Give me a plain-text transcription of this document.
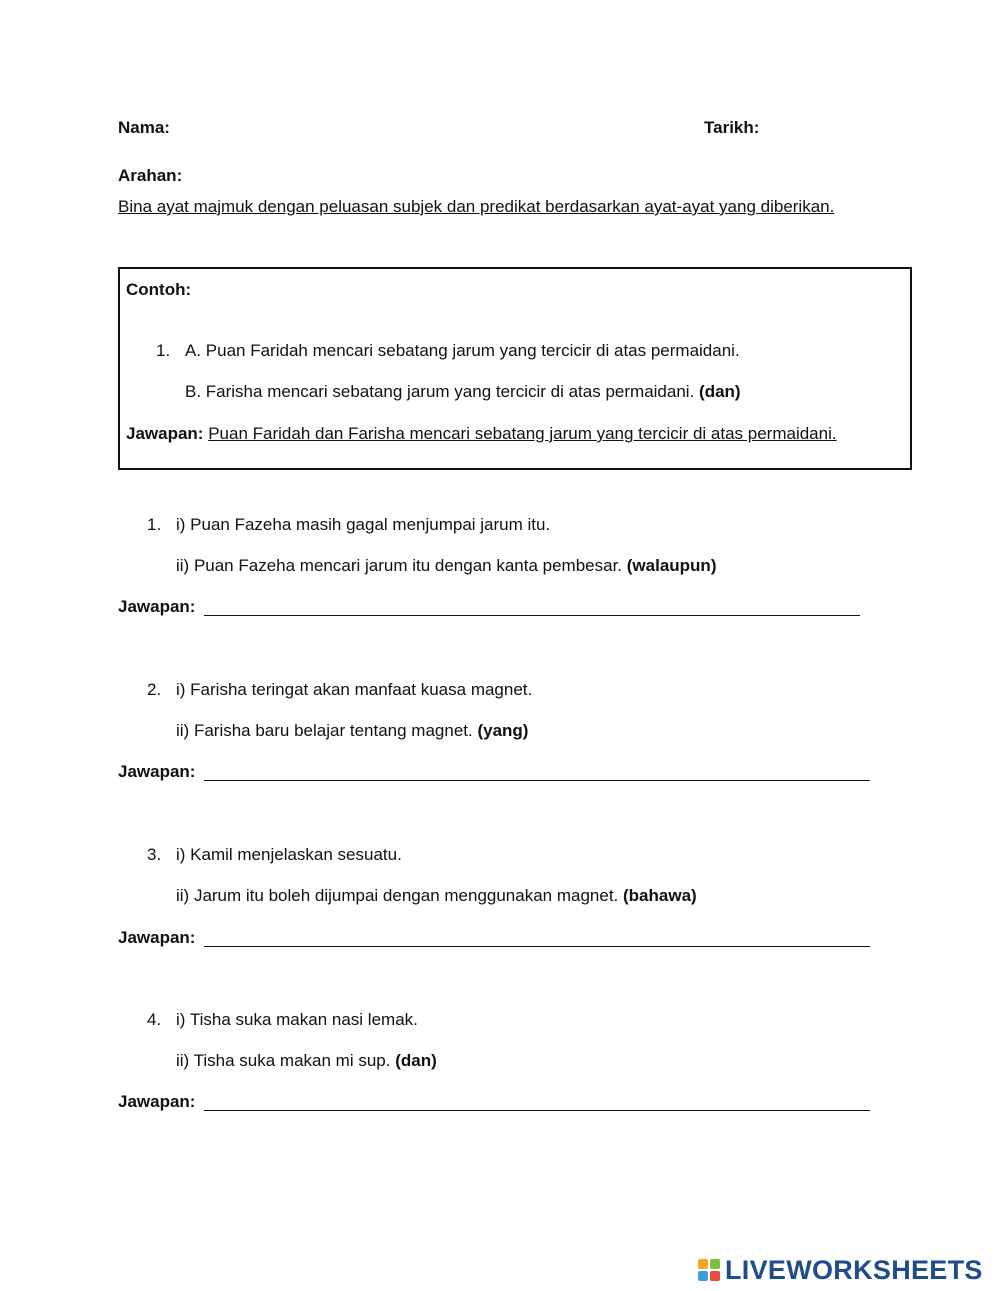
Nama:	Tarikh:
Arahan:
Bina ayat majmuk dengan peluasan subjek dan predikat berdasarkan ayat-ayat yang diberikan.
Contoh:
1. A. Puan Faridah mencari sebatang jarum yang tercicir di atas permaidani.
B. Farisha mencari sebatang jarum yang tercicir di atas permaidani. (dan)
Jawapan: Puan Faridah dan Farisha mencari sebatang jarum yang tercicir di atas permaidani.
1. i) Puan Fazeha masih gagal menjumpai jarum itu.
ii) Puan Fazeha mencari jarum itu dengan kanta pembesar. (walaupun)
Jawapan:
2. i) Farisha teringat akan manfaat kuasa magnet.
ii) Farisha baru belajar tentang magnet. (yang)
Jawapan:
3. i) Kamil menjelaskan sesuatu.
ii) Jarum itu boleh dijumpai dengan menggunakan magnet. (bahawa)
Jawapan:
4. i) Tisha suka makan nasi lemak.
ii) Tisha suka makan mi sup. (dan)
Jawapan:
LIVEWORKSHEETS
